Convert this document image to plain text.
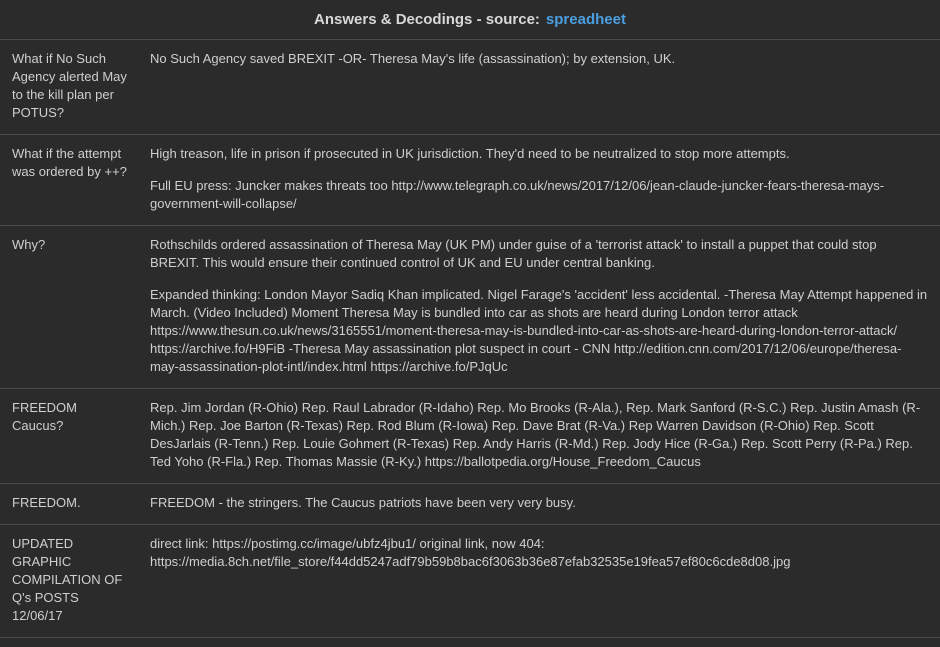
Answers & Decodings - source: spreadheet
What if No Such Agency alerted May to the kill plan per POTUS?	No Such Agency saved BREXIT -OR- Theresa May's life (assassination); by extension, UK.

What if the attempt was ordered by ++?	High treason, life in prison if prosecuted in UK jurisdiction. They'd need to be neutralized to stop more attempts.
Full EU press: Juncker makes threats too http://www.telegraph.co.uk/news/2017/12/06/jean-claude-juncker-fears-theresa-mays-government-will-collapse/

Why?	Rothschilds ordered assassination of Theresa May (UK PM) under guise of a 'terrorist attack' to install a puppet that could stop BREXIT. This would ensure their continued control of UK and EU under central banking.
Expanded thinking: London Mayor Sadiq Khan implicated. Nigel Farage's 'accident' less accidental. -Theresa May Attempt happened in March. (Video Included) Moment Theresa May is bundled into car as shots are heard during London terror attack https://www.thesun.co.uk/news/3165551/moment-theresa-may-is-bundled-into-car-as-shots-are-heard-during-london-terror-attack/ https://archive.fo/H9FiB -Theresa May assassination plot suspect in court - CNN http://edition.cnn.com/2017/12/06/europe/theresa-may-assassination-plot-intl/index.html https://archive.fo/PJqUc

FREEDOM Caucus?	Rep. Jim Jordan (R-Ohio) Rep. Raul Labrador (R-Idaho) Rep. Mo Brooks (R-Ala.), Rep. Mark Sanford (R-S.C.) Rep. Justin Amash (R-Mich.) Rep. Joe Barton (R-Texas) Rep. Rod Blum (R-Iowa) Rep. Dave Brat (R-Va.) Rep Warren Davidson (R-Ohio) Rep. Scott DesJarlais (R-Tenn.) Rep. Louie Gohmert (R-Texas) Rep. Andy Harris (R-Md.) Rep. Jody Hice (R-Ga.) Rep. Scott Perry (R-Pa.) Rep. Ted Yoho (R-Fla.) Rep. Thomas Massie (R-Ky.) https://ballotpedia.org/House_Freedom_Caucus

FREEDOM.	FREEDOM - the stringers. The Caucus patriots have been very very busy.

UPDATED GRAPHIC COMPILATION OF Q's POSTS 12/06/17	direct link: https://postimg.cc/image/ubfz4jbu1/ original link, now 404: https://media.8ch.net/file_store/f44dd5247adf79b59b8bac6f3063b36e87efab32535e19fea57ef80c6cde8d08.jpg
